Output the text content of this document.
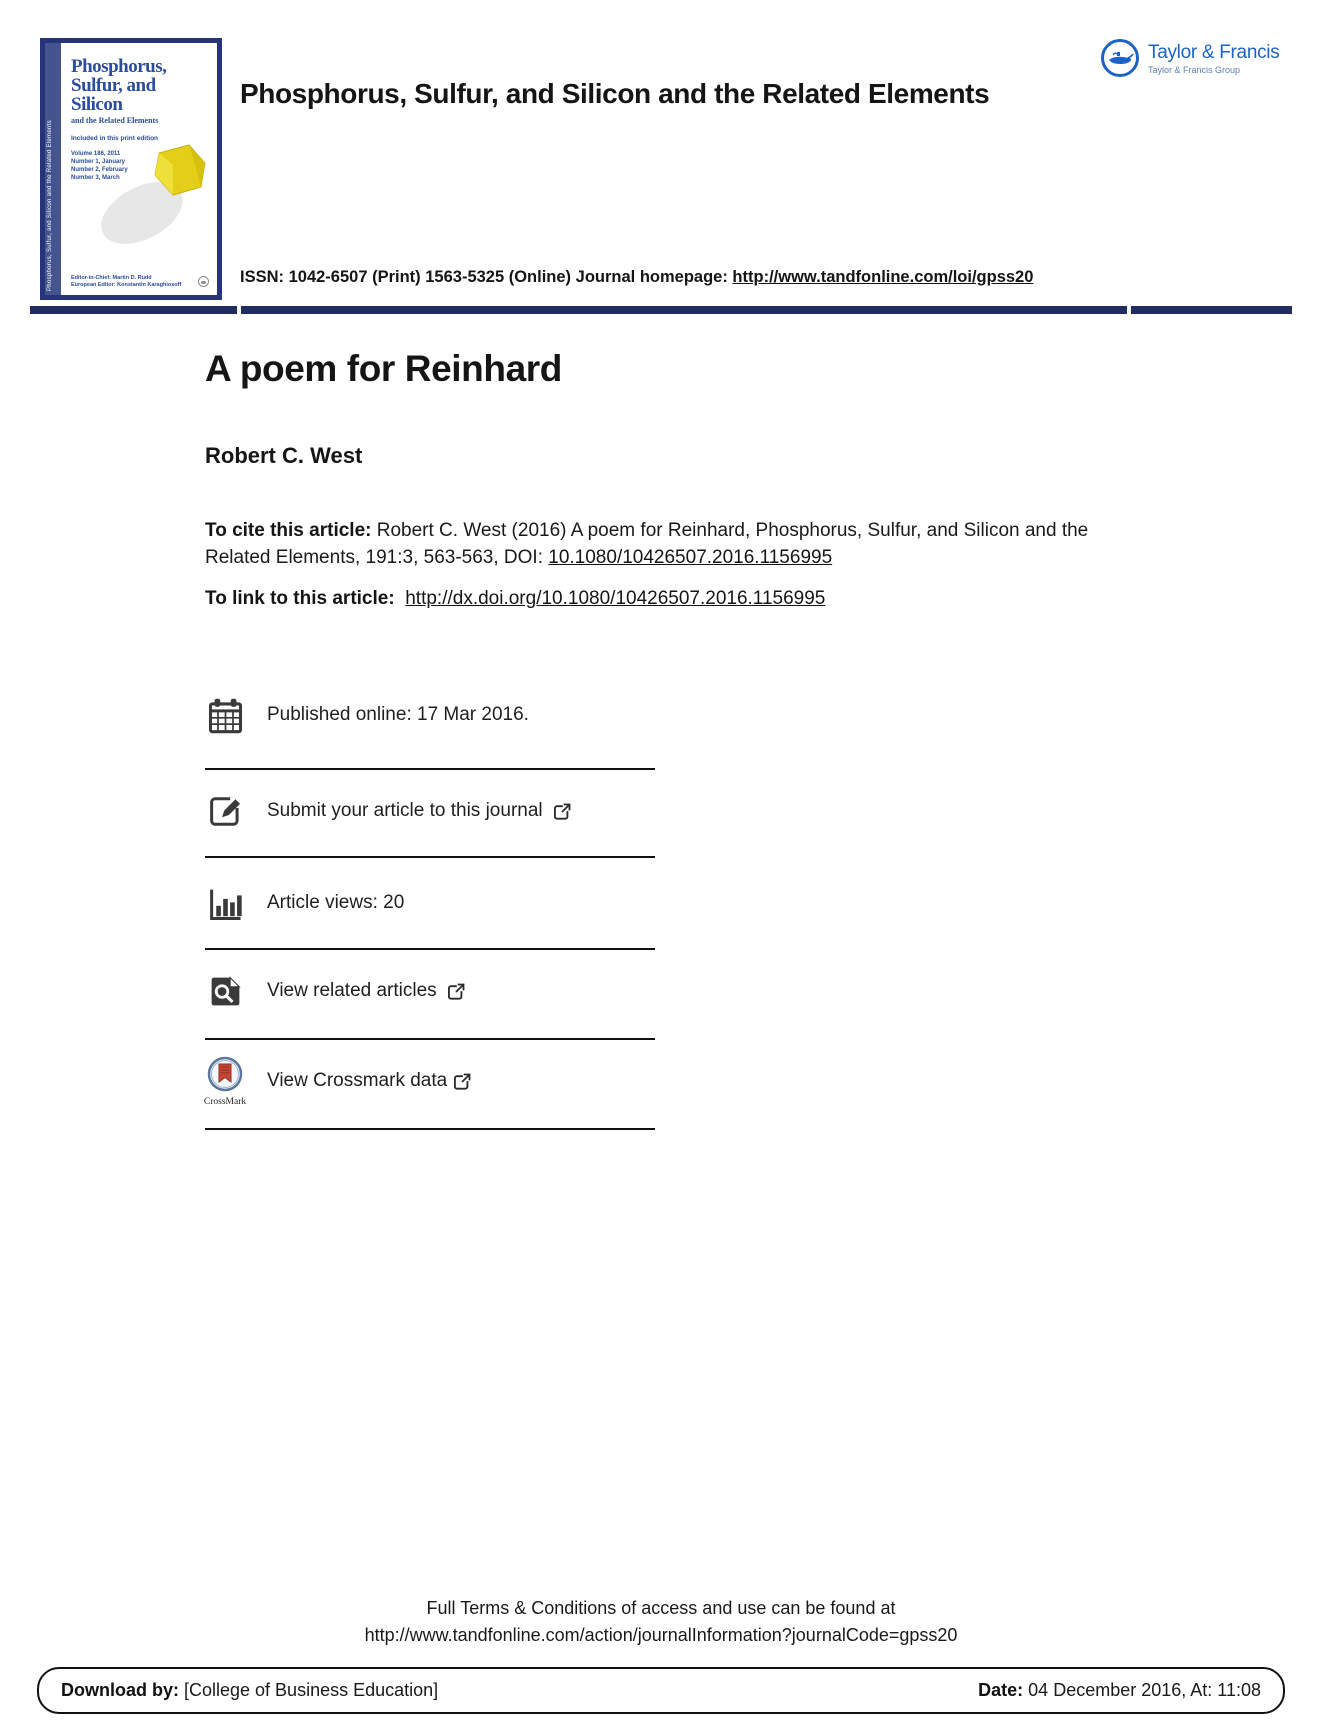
Phosphorus, Sulfur, and Silicon and the Related Elements
Phosphorus,
Sulfur, and
Silicon
and the Related Elements
Included in this print edition
Volume 186, 2011
Number 1, January
Number 2, February
Number 3, March
Editor-in-Chief: Martin D. Rudd
European Editor: Konstantin Karaghiosoff
Taylor & Francis
Taylor & Francis Group
Phosphorus, Sulfur, and Silicon and the Related Elements
ISSN: 1042-6507 (Print) 1563-5325 (Online) Journal homepage: http://www.tandfonline.com/loi/gpss20
A poem for Reinhard
Robert C. West
To cite this article: Robert C. West (2016) A poem for Reinhard, Phosphorus, Sulfur, and Silicon and the Related Elements, 191:3, 563-563, DOI: 10.1080/10426507.2016.1156995
To link to this article: http://dx.doi.org/10.1080/10426507.2016.1156995
Published online: 17 Mar 2016.
Submit your article to this journal
Article views: 20
View related articles
CrossMark
View Crossmark data
Full Terms & Conditions of access and use can be found at
http://www.tandfonline.com/action/journalInformation?journalCode=gpss20
Download by: [College of Business Education]	Date: 04 December 2016, At: 11:08
